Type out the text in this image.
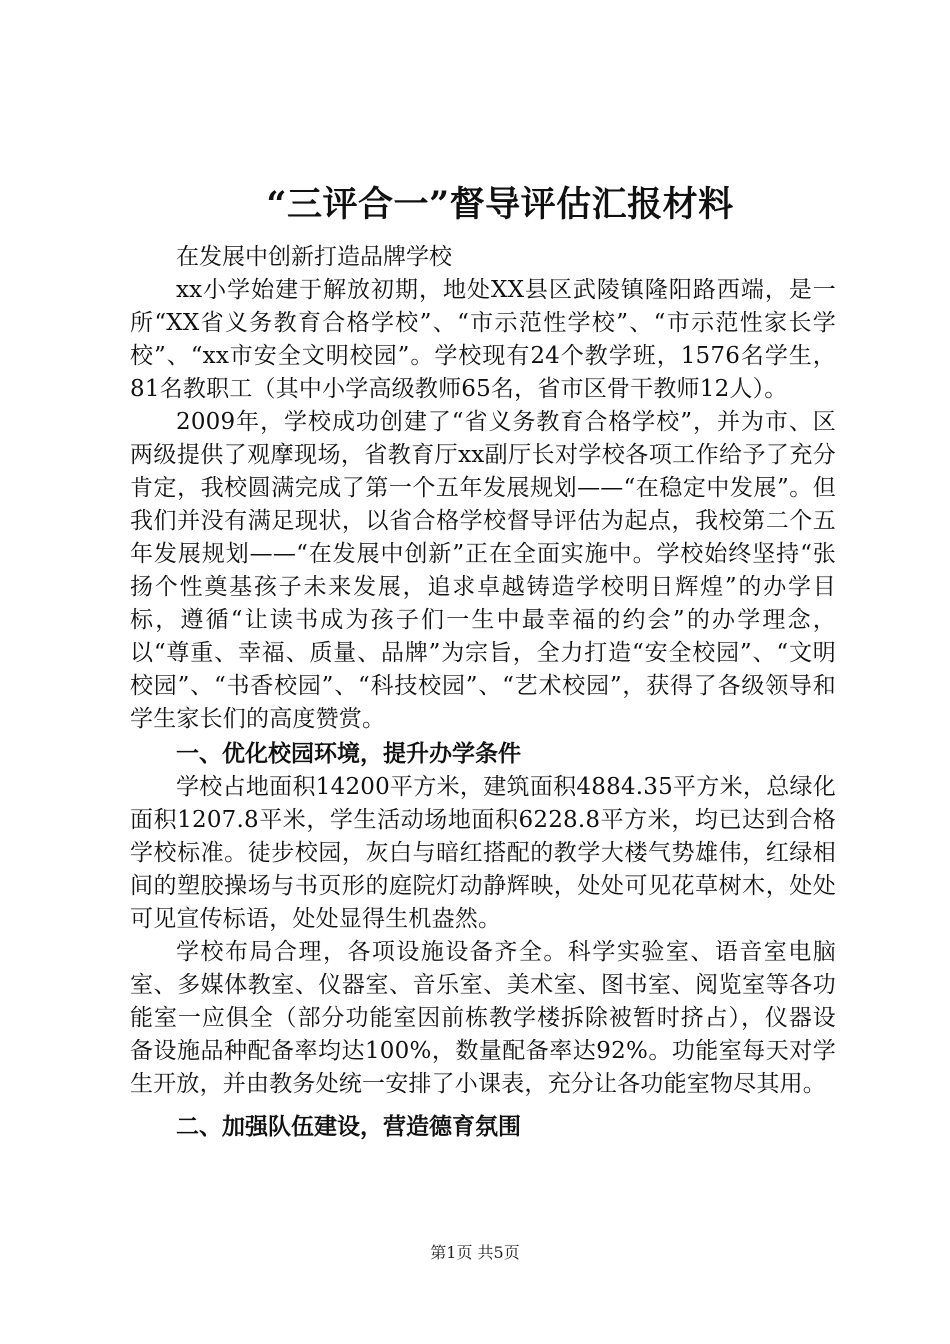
“三评合一”督导评估汇报材料

在发展中创新打造品牌学校

xx小学始建于解放初期，地处XX县区武陵镇隆阳路西端，是一所“XX省义务教育合格学校”、“市示范性学校”、“市示范性家长学校”、“xx市安全文明校园”。学校现有24个教学班，1576名学生，81名教职工（其中小学高级教师65名，省市区骨干教师12人）。

2009年，学校成功创建了“省义务教育合格学校”，并为市、区两级提供了观摩现场，省教育厅xx副厅长对学校各项工作给予了充分肯定，我校圆满完成了第一个五年发展规划——“在稳定中发展”。但我们并没有满足现状，以省合格学校督导评估为起点，我校第二个五年发展规划——“在发展中创新”正在全面实施中。学校始终坚持“张扬个性奠基孩子未来发展，追求卓越铸造学校明日辉煌”的办学目标，遵循“让读书成为孩子们一生中最幸福的约会”的办学理念，以“尊重、幸福、质量、品牌”为宗旨，全力打造“安全校园”、“文明校园”、“书香校园”、“科技校园”、“艺术校园”，获得了各级领导和学生家长们的高度赞赏。

一、优化校园环境，提升办学条件

学校占地面积14200平方米，建筑面积4884.35平方米，总绿化面积1207.8平米，学生活动场地面积6228.8平方米，均已达到合格学校标准。徒步校园，灰白与暗红搭配的教学大楼气势雄伟，红绿相间的塑胶操场与书页形的庭院灯动静辉映，处处可见花草树木，处处可见宣传标语，处处显得生机盎然。

学校布局合理，各项设施设备齐全。科学实验室、语音室电脑室、多媒体教室、仪器室、音乐室、美术室、图书室、阅览室等各功能室一应俱全（部分功能室因前栋教学楼拆除被暂时挤占），仪器设备设施品种配备率均达100%，数量配备率达92%。功能室每天对学生开放，并由教务处统一安排了小课表，充分让各功能室物尽其用。

二、加强队伍建设，营造德育氛围
第1页 共5页
